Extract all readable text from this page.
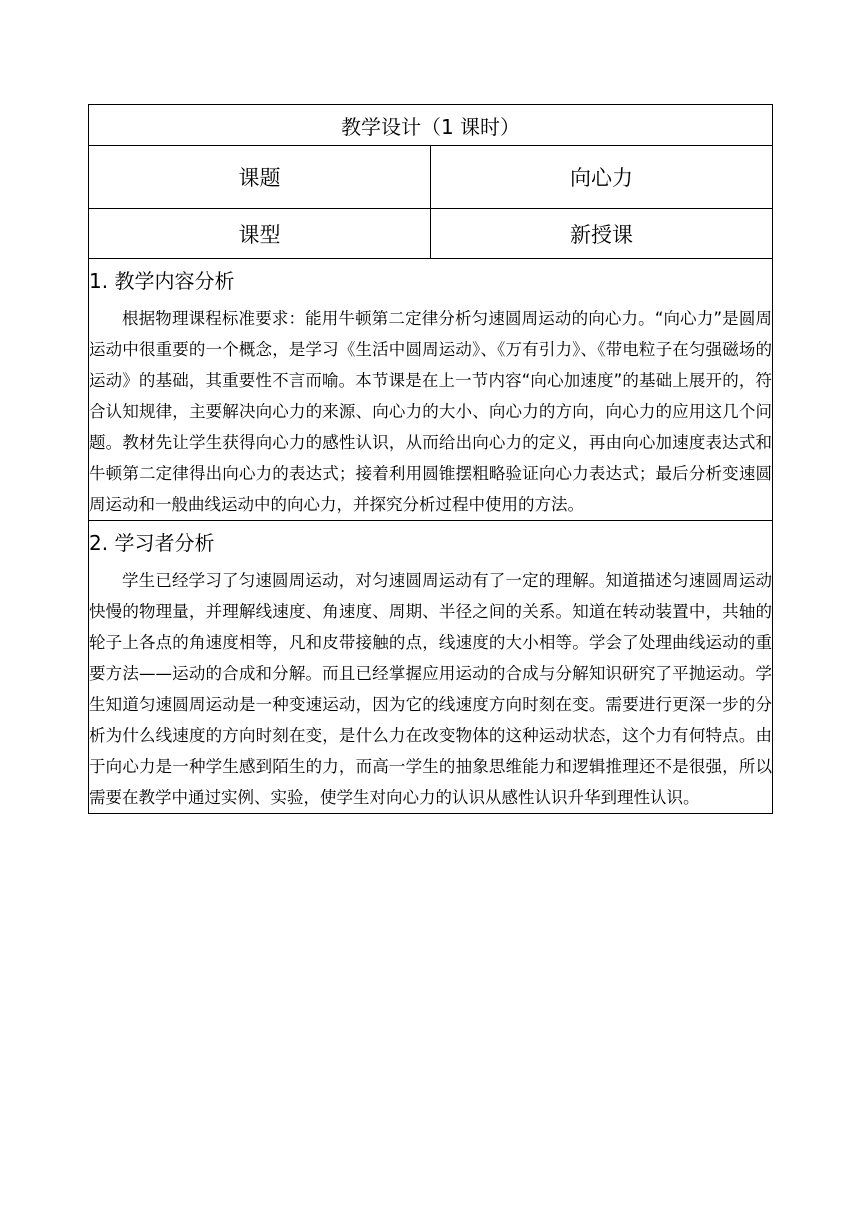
教学设计（1 课时）	
课题	向心力
课型	新授课

1. 教学内容分析

根据物理课程标准要求：能用牛顿第二定律分析匀速圆周运动的向心力。“向心力”是圆周运动中很重要的一个概念，是学习《生活中圆周运动》、《万有引力》、《带电粒子在匀强磁场的运动》的基础，其重要性不言而喻。本节课是在上一节内容“向心加速度”的基础上展开的，符合认知规律，主要解决向心力的来源、向心力的大小、向心力的方向，向心力的应用这几个问题。教材先让学生获得向心力的感性认识，从而给出向心力的定义，再由向心加速度表达式和牛顿第二定律得出向心力的表达式；接着利用圆锥摆粗略验证向心力表达式；最后分析变速圆周运动和一般曲线运动中的向心力，并探究分析过程中使用的方法。	

2. 学习者分析

学生已经学习了匀速圆周运动，对匀速圆周运动有了一定的理解。知道描述匀速圆周运动快慢的物理量，并理解线速度、角速度、周期、半径之间的关系。知道在转动装置中，共轴的轮子上各点的角速度相等，凡和皮带接触的点，线速度的大小相等。学会了处理曲线运动的重要方法——运动的合成和分解。而且已经掌握应用运动的合成与分解知识研究了平抛运动。学生知道匀速圆周运动是一种变速运动，因为它的线速度方向时刻在变。需要进行更深一步的分析为什么线速度的方向时刻在变，是什么力在改变物体的这种运动状态，这个力有何特点。由于向心力是一种学生感到陌生的力，而高一学生的抽象思维能力和逻辑推理还不是很强，所以需要在教学中通过实例、实验，使学生对向心力的认识从感性认识升华到理性认识。	
